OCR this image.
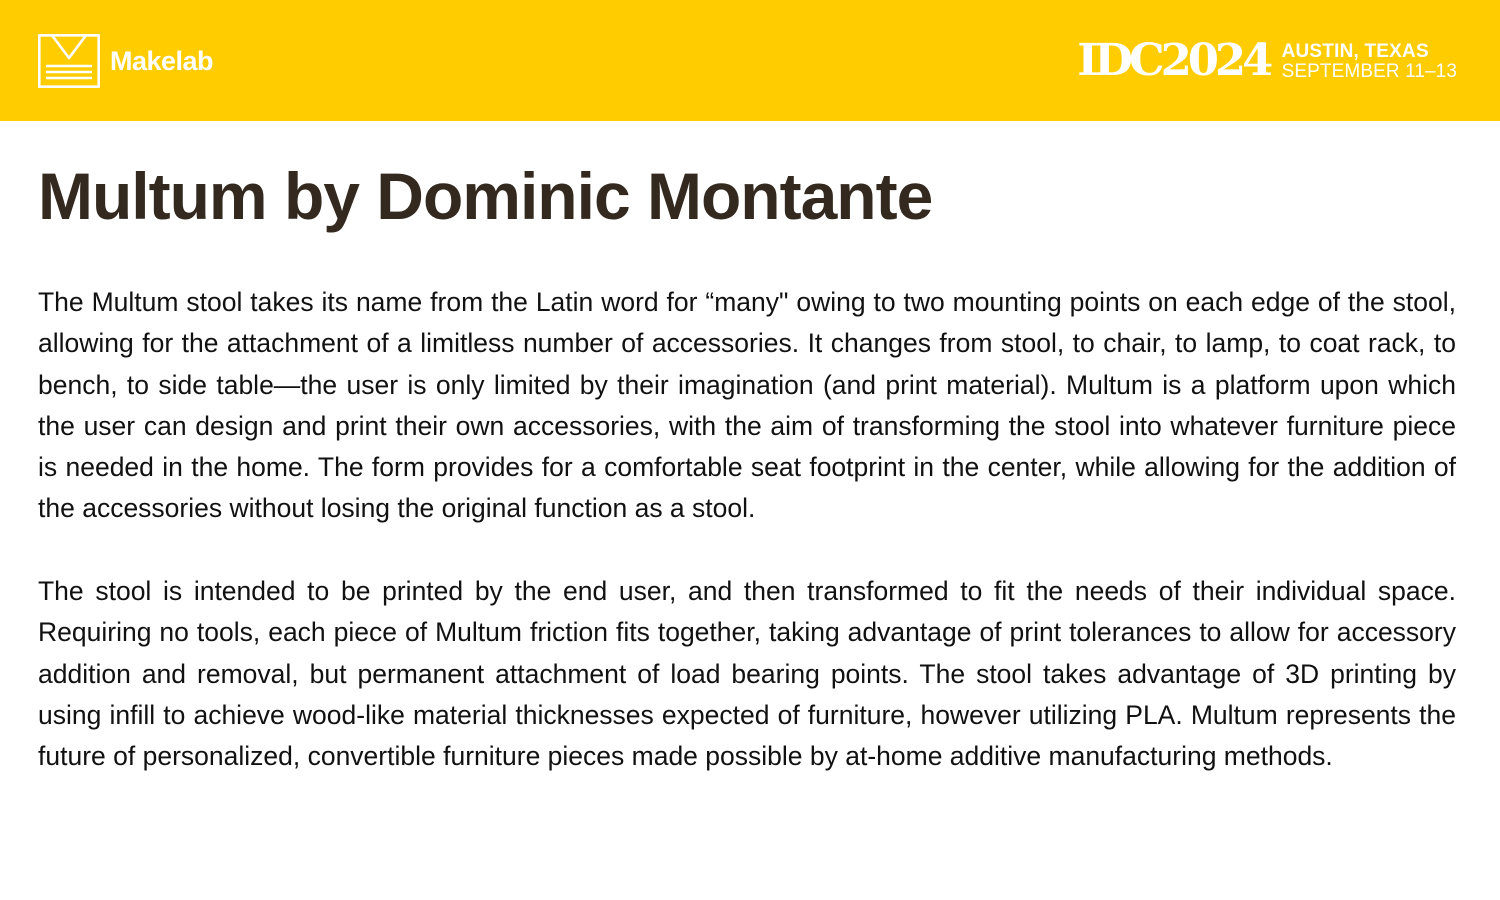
Makelab	IDC2024 AUSTIN, TEXAS
SEPTEMBER 11–13
Multum by Dominic Montante

The Multum stool takes its name from the Latin word for “many" owing to two mounting points on each edge of the stool, allowing for the attachment of a limitless number of accessories. It changes from stool, to chair, to lamp, to coat rack, to bench, to side table—the user is only limited by their imagination (and print material). Multum is a platform upon which the user can design and print their own accessories, with the aim of transforming the stool into whatever furniture piece is needed in the home. The form provides for a comfortable seat footprint in the center, while allowing for the addition of the accessories without losing the original function as a stool.

The stool is intended to be printed by the end user, and then transformed to fit the needs of their individual space. Requiring no tools, each piece of Multum friction fits together, taking advantage of print tolerances to allow for accessory addition and removal, but permanent attachment of load bearing points. The stool takes advantage of 3D printing by using infill to achieve wood-like material thicknesses expected of furniture, however utilizing PLA. Multum represents the future of personalized, convertible furniture pieces made possible by at-home additive manufacturing methods.
